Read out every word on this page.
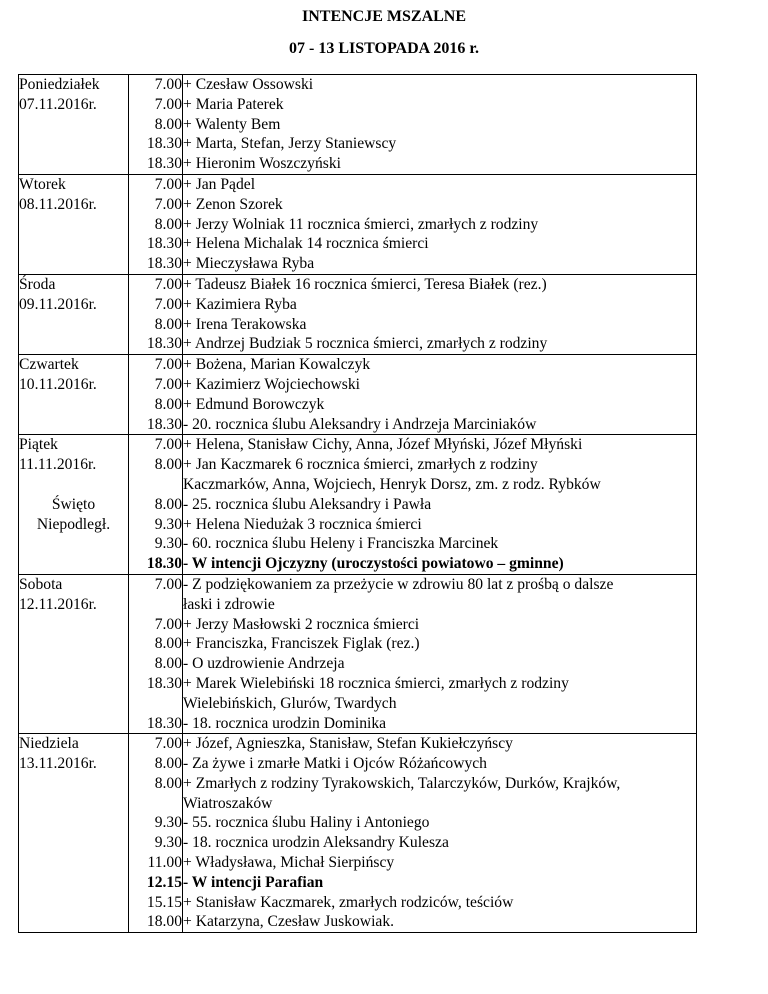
INTENCJE MSZALNE
07 - 13 LISTOPADA 2016 r.
Poniedziałek	7.00	+ Czesław Ossowski
07.11.2016r.	7.00	+ Maria Paterek
	8.00	+ Walenty Bem
	18.30	+ Marta, Stefan, Jerzy Staniewscy
	18.30	+ Hieronim Woszczyński
Wtorek	7.00	+ Jan Pądel
08.11.2016r.	7.00	+ Zenon Szorek
	8.00	+ Jerzy Wolniak 11 rocznica śmierci, zmarłych z rodziny
	18.30	+ Helena Michalak 14 rocznica śmierci
	18.30	+ Mieczysława Ryba
Środa	7.00	+ Tadeusz Białek 16 rocznica śmierci, Teresa Białek (rez.)
09.11.2016r.	7.00	+ Kazimiera Ryba
	8.00	+ Irena Terakowska
	18.30	+ Andrzej Budziak 5 rocznica śmierci, zmarłych z rodziny
Czwartek	7.00	+ Bożena, Marian Kowalczyk
10.11.2016r.	7.00	+ Kazimierz Wojciechowski
	8.00	+ Edmund Borowczyk
	18.30	- 20. rocznica ślubu Aleksandry i Andrzeja Marciniaków
Piątek	7.00	+ Helena, Stanisław Cichy, Anna, Józef Młyński, Józef Młyński
11.11.2016r.	8.00	+ Jan Kaczmarek 6 rocznica śmierci, zmarłych z rodziny
		Kaczmarków, Anna, Wojciech, Henryk Dorsz, zm. z rodz. Rybków
Święto	8.00	- 25. rocznica ślubu Aleksandry i Pawła
Niepodległ.	9.30	+ Helena Niedużak 3 rocznica śmierci
	9.30	- 60. rocznica ślubu Heleny i Franciszka Marcinek
	18.30	- W intencji Ojczyzny (uroczystości powiatowo – gminne)
Sobota	7.00	- Z podziękowaniem za przeżycie w zdrowiu 80 lat z prośbą o dalsze
12.11.2016r.		łaski i zdrowie
	7.00	+ Jerzy Masłowski 2 rocznica śmierci
	8.00	+ Franciszka, Franciszek Figlak (rez.)
	8.00	- O uzdrowienie Andrzeja
	18.30	+ Marek Wielebiński 18 rocznica śmierci, zmarłych z rodziny
		Wielebińskich, Glurów, Twardych
	18.30	- 18. rocznica urodzin Dominika
Niedziela	7.00	+ Józef, Agnieszka, Stanisław, Stefan Kukiełczyńscy
13.11.2016r.	8.00	- Za żywe i zmarłe Matki i Ojców Różańcowych
	8.00	+ Zmarłych z rodziny Tyrakowskich, Talarczyków, Durków, Krajków,
		Wiatroszaków
	9.30	- 55. rocznica ślubu Haliny i Antoniego
	9.30	- 18. rocznica urodzin Aleksandry Kulesza
	11.00	+ Władysława, Michał Sierpińscy
	12.15	- W intencji Parafian
	15.15	+ Stanisław Kaczmarek, zmarłych rodziców, teściów
	18.00	+ Katarzyna, Czesław Juskowiak.
